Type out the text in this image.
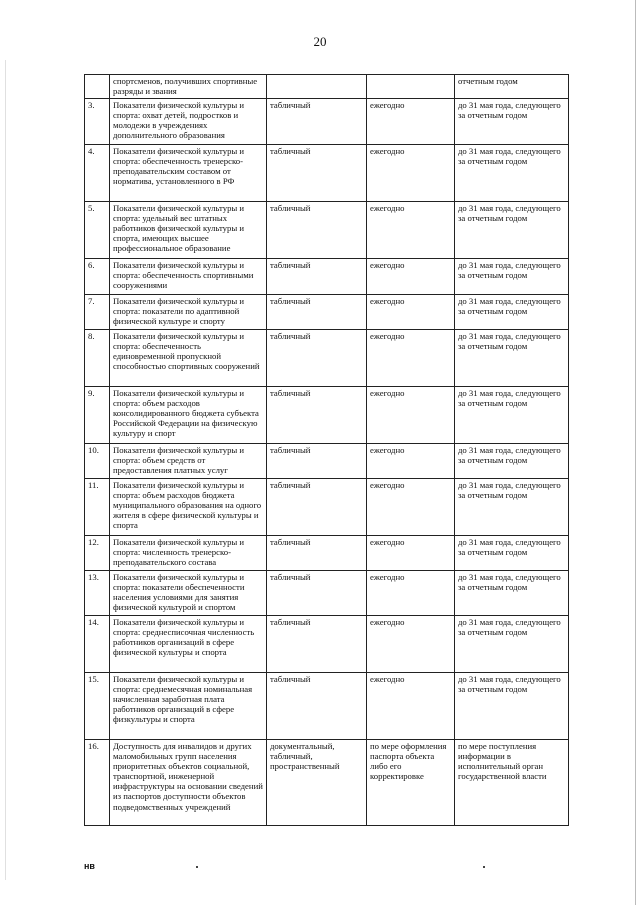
20
	спортсменов, получивших спортивные разряды и звания			отчетным годом
3.	Показатели физической культуры и спорта: охват детей, подростков и молодежи в учреждениях дополнительного образования	табличный	ежегодно	до 31 мая года, следующего за отчетным годом
4.	Показатели физической культуры и спорта: обеспеченность тренерско-преподавательским составом от норматива, установленного в РФ	табличный	ежегодно	до 31 мая года, следующего за отчетным годом
5.	Показатели физической культуры и спорта: удельный вес штатных работников физической культуры и спорта, имеющих высшее профессиональное образование	табличный	ежегодно	до 31 мая года, следующего за отчетным годом
6.	Показатели физической культуры и спорта: обеспеченность спортивными сооружениями	табличный	ежегодно	до 31 мая года, следующего за отчетным годом
7.	Показатели физической культуры и спорта: показатели по адаптивной физической культуре и спорту	табличный	ежегодно	до 31 мая года, следующего за отчетным годом
8.	Показатели физической культуры и спорта: обеспеченность единовременной пропускной способностью спортивных сооружений	табличный	ежегодно	до 31 мая года, следующего за отчетным годом
9.	Показатели физической культуры и спорта: объем расходов консолидированного бюджета субъекта Российской Федерации на физическую культуру и спорт	табличный	ежегодно	до 31 мая года, следующего за отчетным годом
10.	Показатели физической культуры и спорта: объем средств от предоставления платных услуг	табличный	ежегодно	до 31 мая года, следующего за отчетным годом
11.	Показатели физической культуры и спорта: объем расходов бюджета муниципального образования на одного жителя в сфере физической культуры и спорта	табличный	ежегодно	до 31 мая года, следующего за отчетным годом
12.	Показатели физической культуры и спорта: численность тренерско-преподавательского состава	табличный	ежегодно	до 31 мая года, следующего за отчетным годом
13.	Показатели физической культуры и спорта: показатели обеспеченности населения условиями для занятия физической культурой и спортом	табличный	ежегодно	до 31 мая года, следующего за отчетным годом
14.	Показатели физической культуры и спорта: среднесписочная численность работников организаций в сфере физической культуры и спорта	табличный	ежегодно	до 31 мая года, следующего за отчетным годом
15.	Показатели физической культуры и спорта: среднемесячная номинальная начисленная заработная плата работников организаций в сфере физкультуры и спорта	табличный	ежегодно	до 31 мая года, следующего за отчетным годом
16.	Доступность для инвалидов и других маломобильных групп населения приоритетных объектов социальной, транспортной, инженерной инфраструктуры на основании сведений из паспортов доступности объектов подведомственных учреждений	документальный, табличный, пространственный	по мере оформления паспорта объекта либо его корректировке	по мере поступления информации в исполнительный орган государственной власти
нв
